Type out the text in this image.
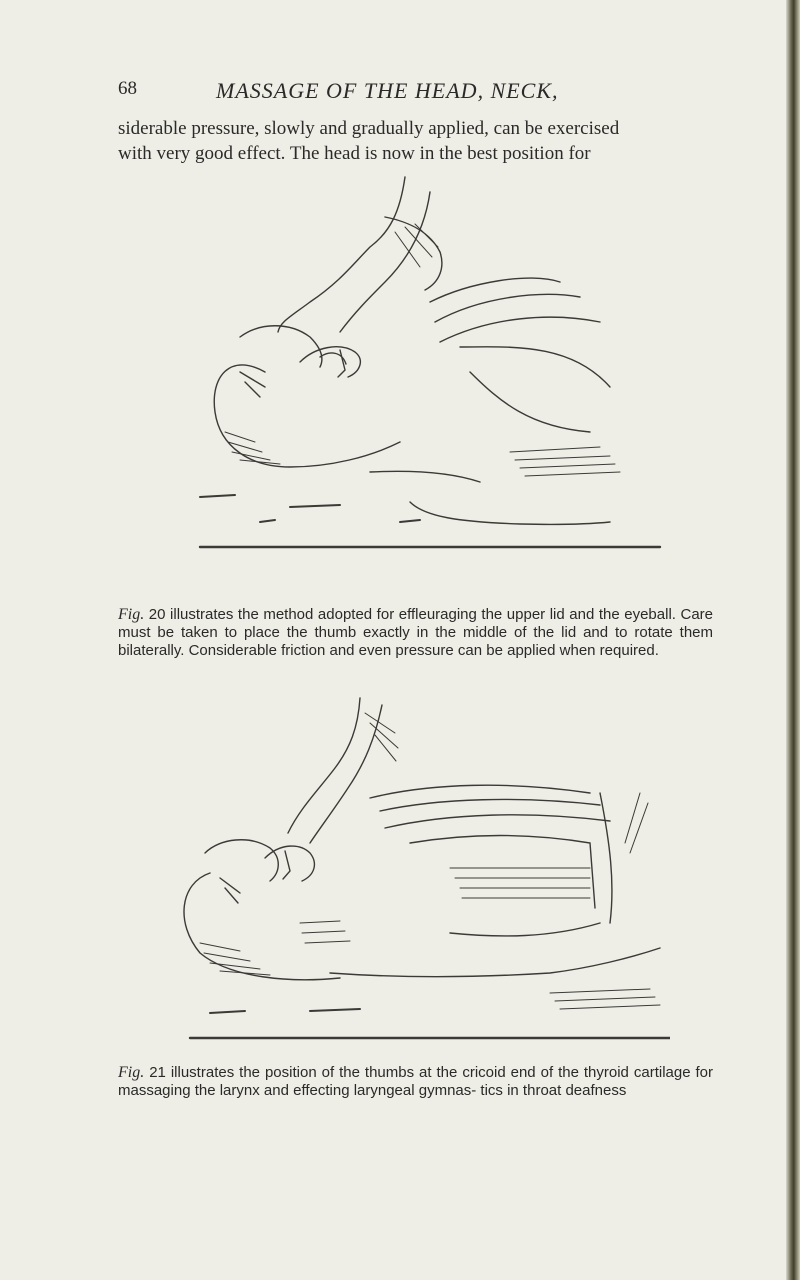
68	MASSAGE OF THE HEAD, NECK,

siderable pressure, slowly and gradually applied, can be exercised

with very good effect. The head is now in the best position for

Fig. 20 illustrates the method adopted for effleuraging the upper lid and the eyeball. Care must be taken to place the thumb exactly in the middle of the lid and to rotate them bilaterally. Considerable friction and even pressure can be applied when required.

Fig. 21 illustrates the position of the thumbs at the cricoid end of the thyroid cartilage for massaging the larynx and effecting laryngeal gymnas- tics in throat deafness
